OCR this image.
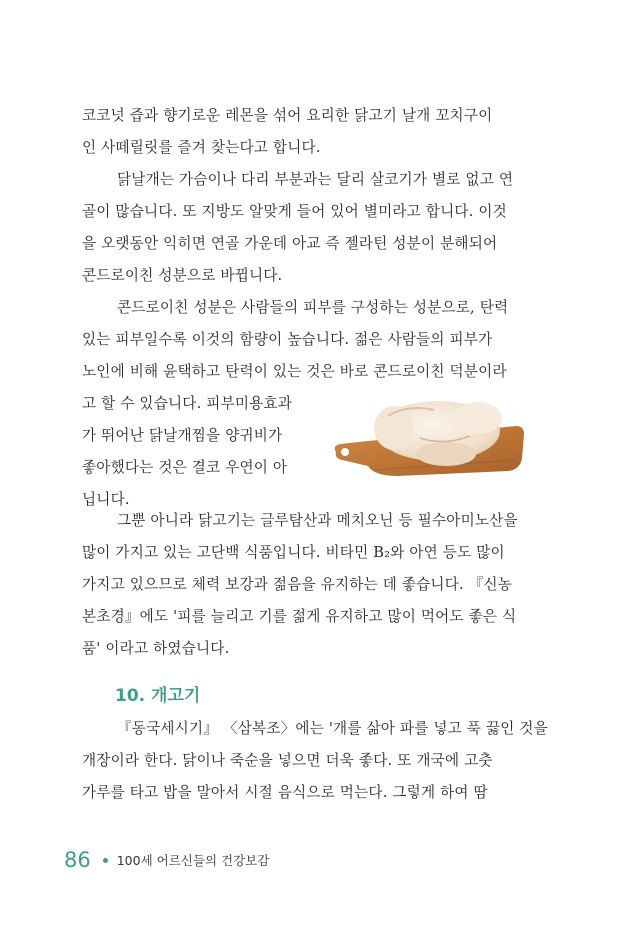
코코넛 즙과 향기로운 레몬을 섞어 요리한 닭고기 날개 꼬치구이
인 사떼릴릿를 즐겨 찾는다고 합니다.
닭날개는 가슴이나 다리 부분과는 달리 살코기가 별로 없고 연
골이 많습니다. 또 지방도 알맞게 들어 있어 별미라고 합니다. 이것
을 오랫동안 익히면 연골 가운데 아교 즉 젤라틴 성분이 분해되어
콘드로이친 성분으로 바뀝니다.
콘드로이친 성분은 사람들의 피부를 구성하는 성분으로, 탄력
있는 피부일수록 이것의 함량이 높습니다. 젊은 사람들의 피부가
노인에 비해 윤택하고 탄력이 있는 것은 바로 콘드로이친 덕분이라
고 할 수 있습니다. 피부미용효과
가 뛰어난 닭날개찜을 양귀비가
좋아했다는 것은 결코 우연이 아
닙니다.
그뿐 아니라 닭고기는 글루탐산과 메치오닌 등 필수아미노산을
많이 가지고 있는 고단백 식품입니다. 비타민 B₂와 아연 등도 많이
가지고 있으므로 체력 보강과 젊음을 유지하는 데 좋습니다. 『신농
본초경』에도 '피를 늘리고 기를 젊게 유지하고 많이 먹어도 좋은 식
품' 이라고 하였습니다.
10. 개고기
『동국세시기』 〈삼복조〉에는 '개를 삶아 파를 넣고 푹 끓인 것을
개장이라 한다. 닭이나 죽순을 넣으면 더욱 좋다. 또 개국에 고춧
가루를 타고 밥을 말아서 시절 음식으로 먹는다. 그렇게 하여 땀
86 100세 어르신들의 건강보감
